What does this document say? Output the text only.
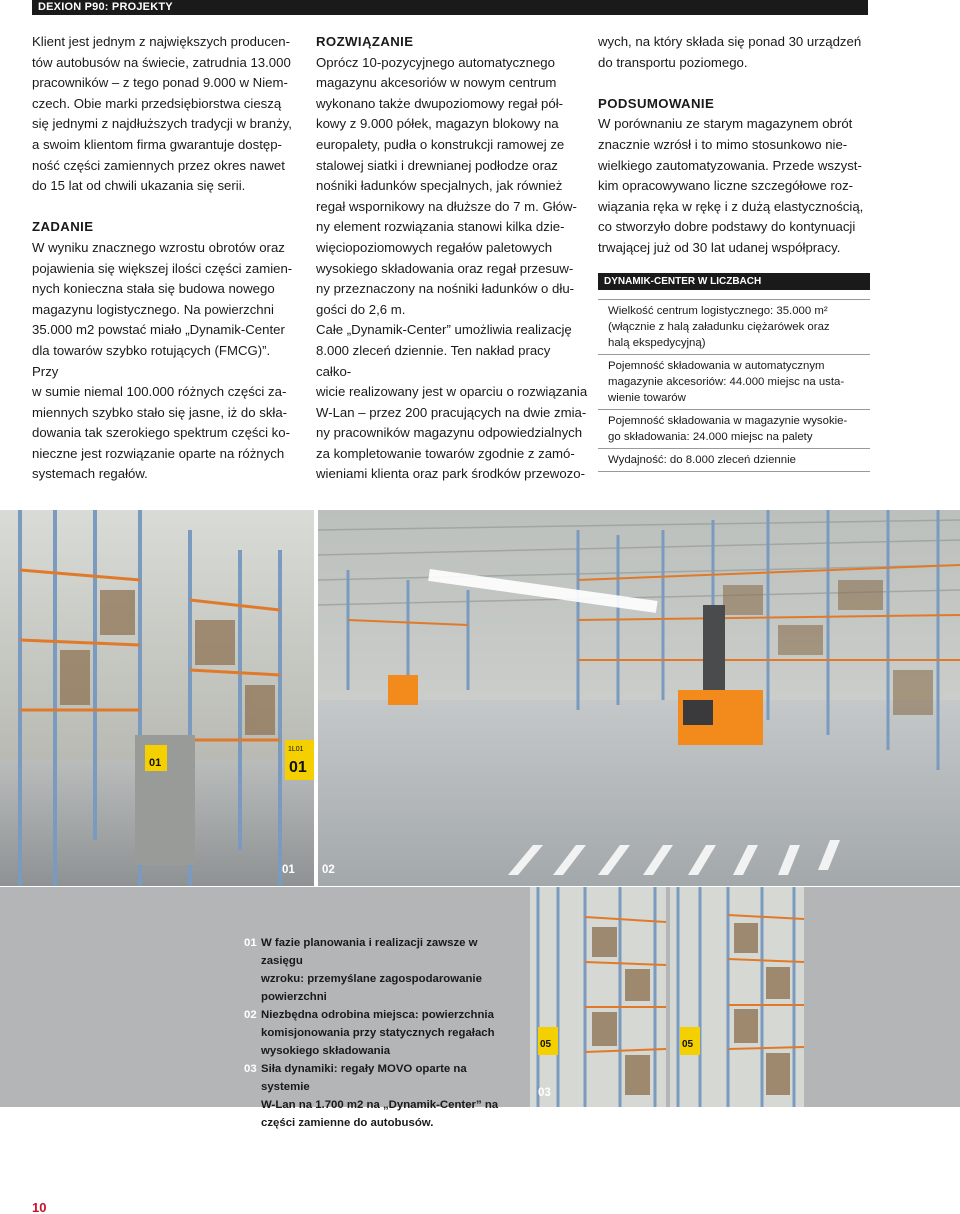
DEXION P90: PROJEKTY

Klient jest jednym z największych producen-

tów autobusów na świecie, zatrudnia 13.000

pracowników – z tego ponad 9.000 w Niem-

czech. Obie marki przedsiębiorstwa cieszą

się jednymi z najdłuższych tradycji w branży,

a swoim klientom firma gwarantuje dostęp-

ność części zamiennych przez okres nawet

do 15 lat od chwili ukazania się serii.

ZADANIE

W wyniku znacznego wzrostu obrotów oraz

pojawienia się większej ilości części zamien-

nych konieczna stała się budowa nowego

magazynu logistycznego. Na powierzchni

35.000 m2 powstać miało „Dynamik-Center

dla towarów szybko rotujących (FMCG)”. Przy

w sumie niemal 100.000 różnych części za-

miennych szybko stało się jasne, iż do skła-

dowania tak szerokiego spektrum części ko-

nieczne jest rozwiązanie oparte na różnych

systemach regałów.

ROZWIĄZANIE

Oprócz 10-pozycyjnego automatycznego

magazynu akcesoriów w nowym centrum

wykonano także dwupoziomowy regał pół-

kowy z 9.000 półek, magazyn blokowy na

europalety, pudła o konstrukcji ramowej ze

stalowej siatki i drewnianej podłodze oraz

nośniki ładunków specjalnych, jak również

regał wspornikowy na dłuższe do 7 m. Głów-

ny element rozwiązania stanowi kilka dzie-

więciopoziomowych regałów paletowych

wysokiego składowania oraz regał przesuw-

ny przeznaczony na nośniki ładunków o dłu-

gości do 2,6 m.

Całe „Dynamik-Center” umożliwia realizację

8.000 zleceń dziennie. Ten nakład pracy całko-

wicie realizowany jest w oparciu o rozwiązania

W-Lan – przez 200 pracujących na dwie zmia-

ny pracowników magazynu odpowiedzialnych

za kompletowanie towarów zgodnie z zamó-

wieniami klienta oraz park środków przewozo-

wych, na który składa się ponad 30 urządzeń

do transportu poziomego.

PODSUMOWANIE

W porównaniu ze starym magazynem obrót

znacznie wzrósł i to mimo stosunkowo nie-

wielkiego zautomatyzowania. Przede wszyst-

kim opracowywano liczne szczegółowe roz-

wiązania ręka w rękę i z dużą elastycznością,

co stworzyło dobre podstawy do kontynuacji

trwającej już od 30 lat udanej współpracy.

DYNAMIK-CENTER W LICZBACH
Wielkość centrum logistycznego: 35.000 m²
(włącznie z halą załadunku ciężarówek oraz
halą ekspedycyjną)
Pojemność składowania w automatycznym
magazynie akcesoriów: 44.000 miejsc na usta-
wienie towarów
Pojemność składowania w magazynie wysokie-
go składowania: 24.000 miejsc na palety
Wydajność: do 8.000 zleceń dziennie
01
1L01
01
01 02
01 W fazie planowania i realizacji zawsze w zasięgu
wzroku: przemyślane zagospodarowanie
powierzchni
02 Niezbędna odrobina miejsca: powierzchnia
komisjonowania przy statycznych regałach
wysokiego składowania
03 Siła dynamiki: regały MOVO oparte na systemie
W-Lan na 1.700 m2 na „Dynamik-Center” na
części zamienne do autobusów.
05
03
05
10
